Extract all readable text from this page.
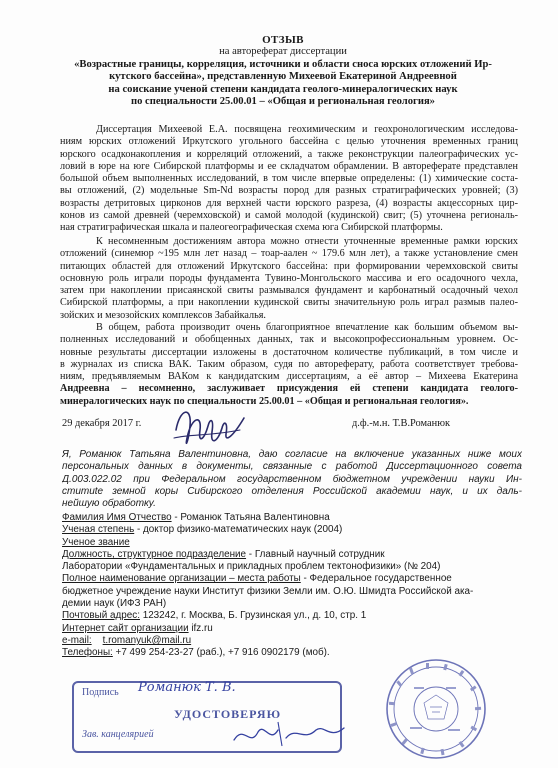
ОТЗЫВ
на автореферат диссертации
«Возрастные границы, корреляция, источники и области сноса юрских отложений Ир-
кутского бассейна», представленную Михеевой Екатериной Андреевной
на соискание ученой степени кандидата геолого-минералогических наук
по специальности 25.00.01 – «Общая и региональная геология»
Диссертация Михеевой Е.А. посвящена геохимическим и геохронологическим исследова-
ниям юрских отложений Иркутского угольного бассейна с целью уточнения временных границ
юрского осадконакопления и корреляций отложений, а также реконструкции палеографических ус-
ловий в юре на юге Сибирской платформы и ее складчатом обрамлении. В автореферате представлен
большой объем выполненных исследований, в том числе впервые определены: (1) химические соста-
вы отложений, (2) модельные Sm-Nd возрасты пород для разных стратиграфических уровней; (3)
возрасты детритовых цирконов для верхней части юрского разреза, (4) возрасты акцессорных цир-
конов из самой древней (черемховской) и самой молодой (кудинской) свит; (5) уточнена региональ-
ная стратиграфическая шкала и палеогеографическая схема юга Сибирской платформы.
К несомненным достижениям автора можно отнести уточненные временные рамки юрских
отложений (синемюр ~195 млн лет назад – тоар-аален ~ 179.6 млн лет), а также установление смен
питающих областей для отложений Иркутского бассейна: при формировании черемховской свиты
основную роль играли породы фундамента Тувино-Монгольского массива и его осадочного чехла,
затем при накоплении присаянской свиты размывался фундамент и карбонатный осадочный чехол
Сибирской платформы, а при накоплении кудинской свиты значительную роль играл размыв палео-
зойских и мезозойских комплексов Забайкалья.
В общем, работа производит очень благоприятное впечатление как большим объемом вы-
полненных исследований и обобщенных данных, так и высокопрофессиональным уровнем. Ос-
новные результаты диссертации изложены в достаточном количестве публикаций, в том числе и
в журналах из списка ВАК. Таким образом, судя по автореферату, работа соответствует требова-
ниям, предъявляемым ВАКом к кандидатским диссертациям, а её автор – Михеева Екатерина
Андреевна – несомненно, заслуживает присуждения ей степени кандидата геолого-
минералогических наук по специальности 25.00.01 – «Общая и региональная геология».
29 декабря 2017 г.	д.ф.-м.н. Т.В.Романюк
Я, Романюк Татьяна Валентиновна, даю согласие на включение указанных ниже моих
персональных данных в документы, связанные с работой Диссертационного совета
Д.003.022.02 при Федеральном государственном бюджетном учреждении науки Ин-
ститute земной коры Сибирского отделения Российской академии наук, и их даль-
нейшую обработку.
Фамилия Имя Отчество - Романюк Татьяна Валентиновна
Ученая степень - доктор физико-математических наук (2004)
Ученое звание
Должность, структурное подразделение - Главный научный сотрудник
Лаборатории «Фундаментальных и прикладных проблем тектонофизики» (№ 204)
Полное наименование организации – места работы - Федеральное государственное
бюджетное учреждение науки Институт физики Земли им. О.Ю. Шмидта Российской ака-
демии наук (ИФЗ РАН)
Почтовый адрес: 123242, г. Москва, Б. Грузинская ул., д. 10, стр. 1
Интернет сайт организации ifz.ru
e-mail: t.romanyuk@mail.ru
Телефоны: +7 499 254-23-27 (раб.), +7 916 0902179 (моб).
Подпись
УДОСТОВЕРЯЮ
Зав. канцелярией
Романюк Т. В.
